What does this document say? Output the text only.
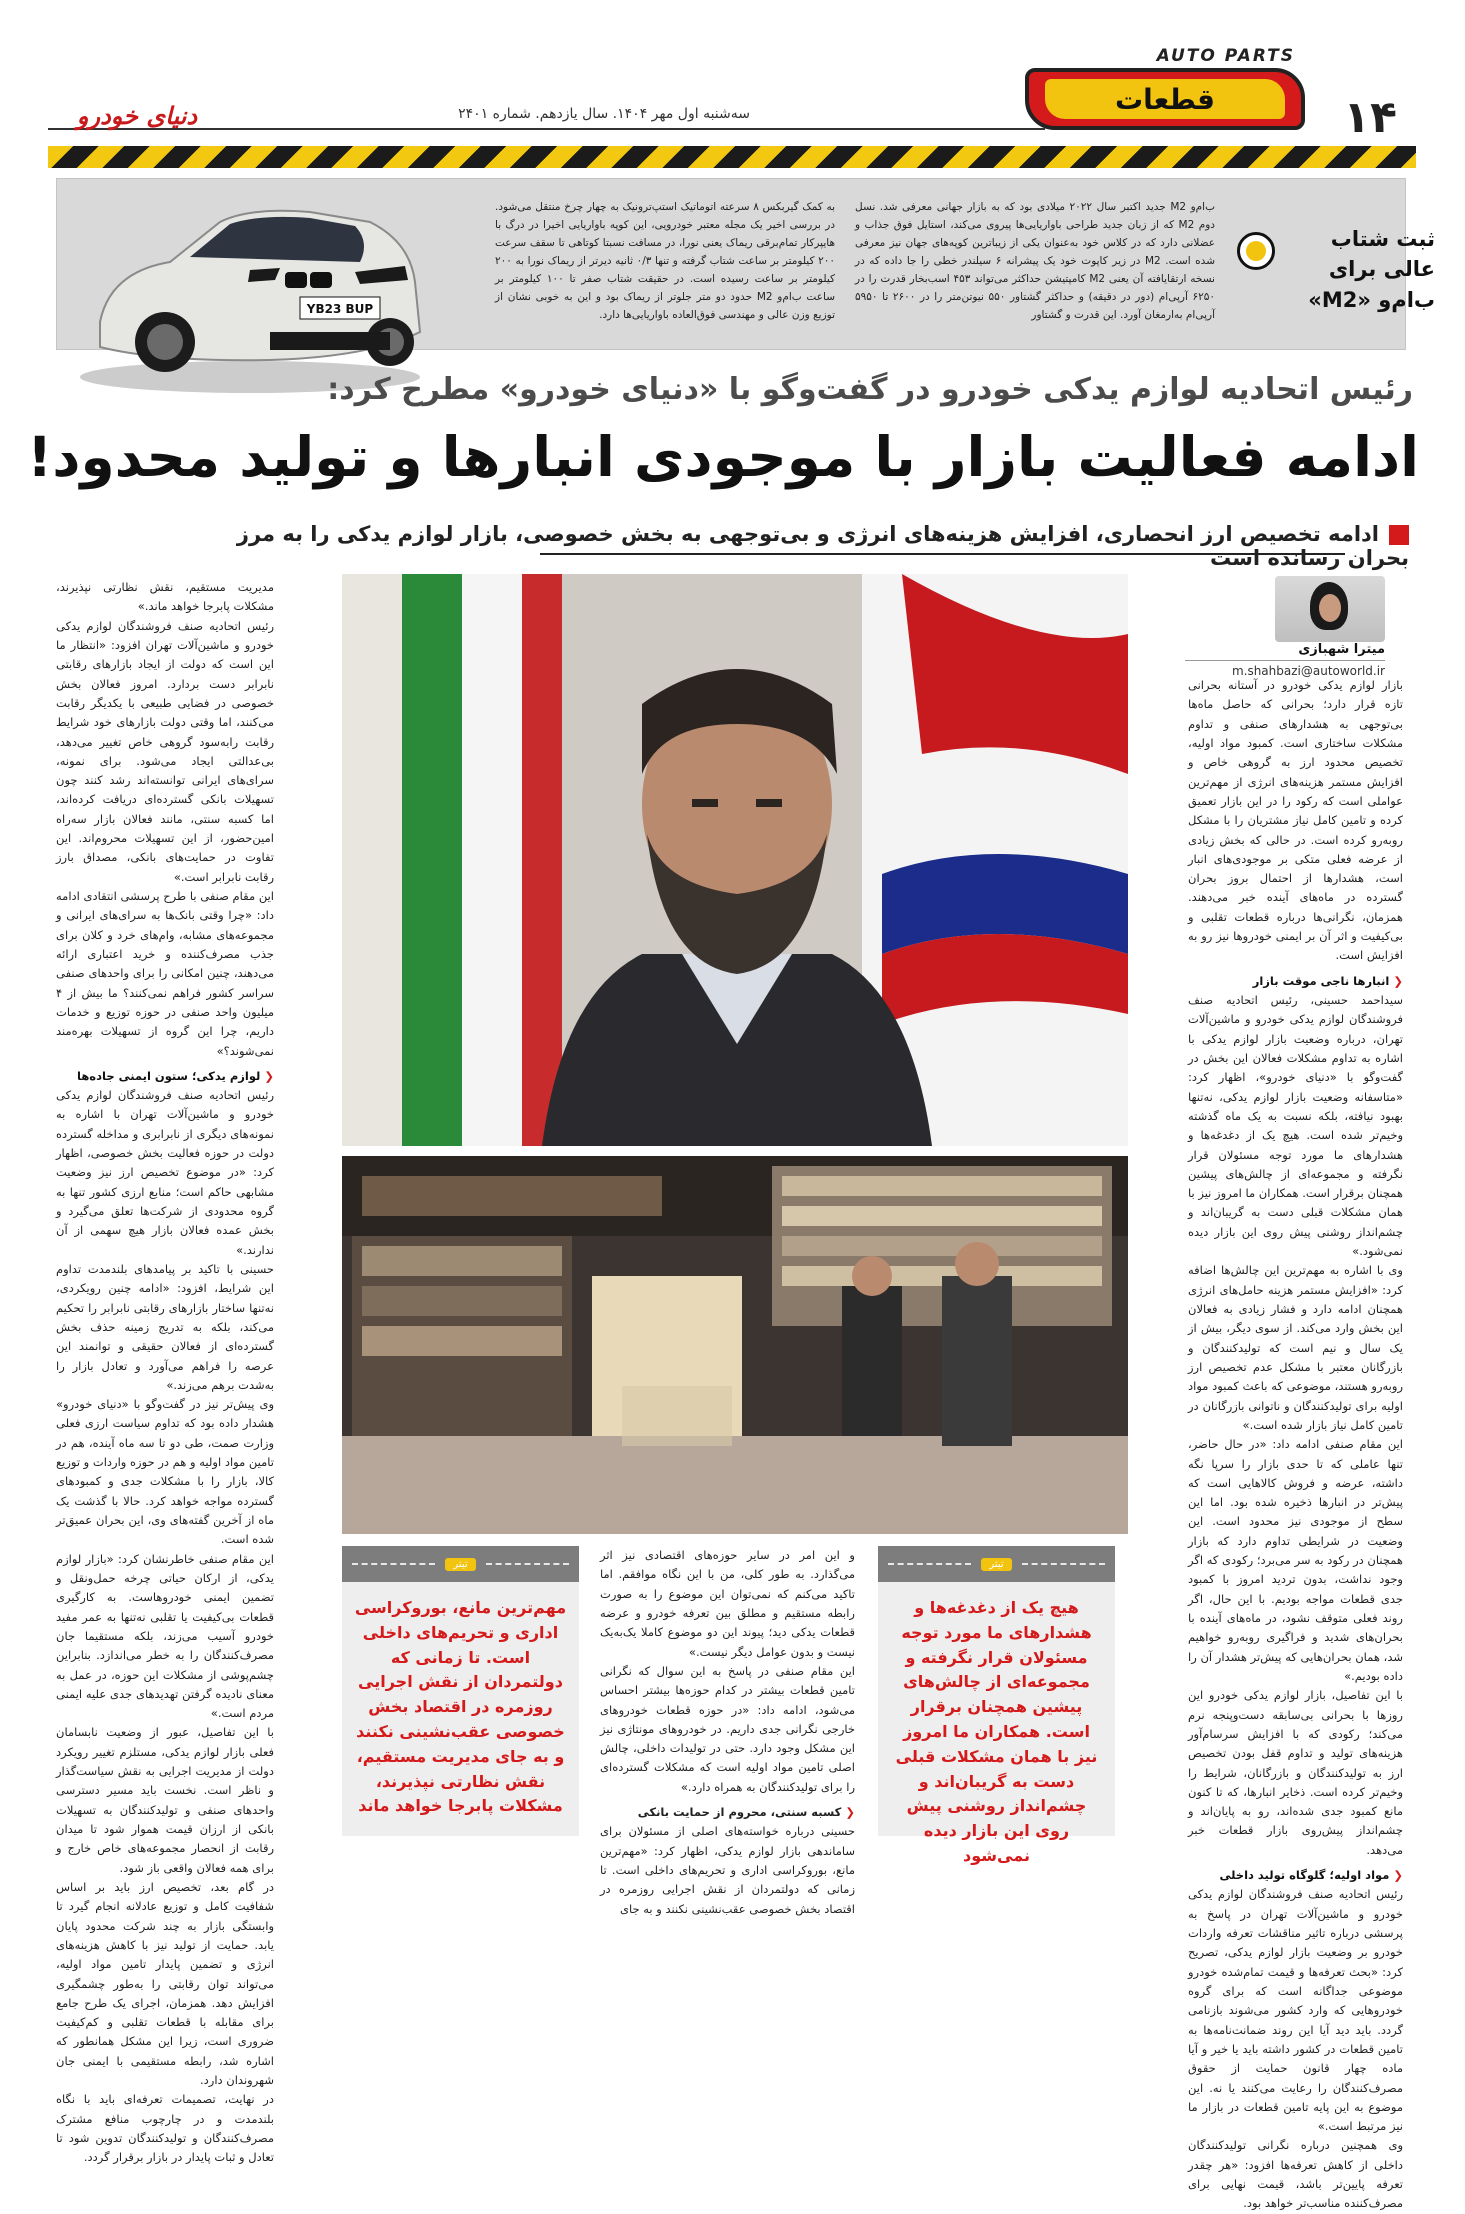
AUTO PARTS
۱۴
قطعات
سه‌شنبه اول مهر ۱۴۰۴. سال یازدهم. شماره ۲۴۰۱
دنیای خودرو
YB23 BUP
ثبت شتاب عالی برای ب‌ام‌و «M2»
ب‌ام‌و M2 جدید اکتبر سال ۲۰۲۲ میلادی بود که به بازار جهانی معرفی شد. نسل دوم M2 که از زبان جدید طراحی باواریایی‌ها پیروی می‌کند، استایل فوق جذاب و عضلانی دارد که در کلاس خود به‌عنوان یکی از زیباترین کوپه‌های جهان نیز معرفی شده است. M2 در زیر کاپوت خود یک پیشرانه ۶ سیلندر خطی را جا داده که در نسخه ارتقایافته آن یعنی M2 کامپتیشن حداکثر می‌تواند ۴۵۳ اسب‌بخار قدرت را در ۶۲۵۰ آرپی‌ام (دور در دقیقه) و حداکثر گشتاور ۵۵۰ نیوتن‌متر را در ۲۶۰۰ تا ۵۹۵۰ آرپی‌ام به‌ارمغان آورد. این قدرت و گشتاور
به کمک گیربکس ۸ سرعته اتوماتیک استپ‌ترونیک به چهار چرخ منتقل می‌شود. در بررسی اخیر یک مجله معتبر خودرویی، این کوپه باواریایی اخیرا در درگ با هایپرکار تمام‌برقی ریماک یعنی نورا، در مسافت نسبتا کوتاهی تا سقف سرعت ۲۰۰ کیلومتر بر ساعت شتاب گرفته و تنها ۰/۳ ثانیه دیرتر از ریماک نورا به ۲۰۰ کیلومتر بر ساعت رسیده است. در حقیقت شتاب صفر تا ۱۰۰ کیلومتر بر ساعت ب‌ام‌و M2 حدود دو متر جلوتر از ریماک بود و این به خوبی نشان از توزیع وزن عالی و مهندسی فوق‌العاده باواریایی‌ها دارد.
رئیس اتحادیه لوازم یدکی خودرو در گفت‌وگو با «دنیای خودرو» مطرح کرد:
ادامه فعالیت بازار با موجودی انبارها و تولید محدود!
ادامه تخصیص ارز انحصاری، افزایش هزینه‌های انرژی و بی‌توجهی به بخش خصوصی، بازار لوازم یدکی را به مرز بحران رسانده است
میترا شهبازی
m.shahbazi@autoworld.ir
تیتر
هیچ یک از دغدغه‌ها و هشدارهای ما مورد توجه مسئولان قرار نگرفته و مجموعه‌ای از چالش‌های پیشین همچنان برقرار است. همکاران ما امروز نیز با همان مشکلات قبلی دست به گریبان‌اند و چشم‌انداز روشنی پیش روی این بازار دیده نمی‌شود
تیتر
مهم‌ترین مانع، بوروکراسی اداری و تحریم‌های داخلی است. تا زمانی که دولتمردان از نقش اجرایی روزمره در اقتصاد بخش خصوصی عقب‌نشینی نکنند و به جای مدیریت مستقیم، نقش نظارتی نپذیرند، مشکلات پابرجا خواهد ماند
بازار لوازم یدکی خودرو در آستانه بحرانی تازه قرار دارد؛ بحرانی که حاصل ماه‌ها بی‌توجهی به هشدارهای صنفی و تداوم مشکلات ساختاری است. کمبود مواد اولیه، تخصیص محدود ارز به گروهی خاص و افزایش مستمر هزینه‌های انرژی از مهم‌ترین عواملی است که رکود را در این بازار تعمیق کرده و تامین کامل نیاز مشتریان را با مشکل روبه‌رو کرده است. در حالی که بخش زیادی از عرضه فعلی متکی بر موجودی‌های انبار است، هشدارها از احتمال بروز بحران گسترده در ماه‌های آینده خبر می‌دهند. همزمان، نگرانی‌ها درباره قطعات تقلبی و بی‌کیفیت و اثر آن بر ایمنی خودروها نیز رو به افزایش است.
❮ انبارها ناجی موقت بازار
سیداحمد حسینی، رئیس اتحادیه صنف فروشندگان لوازم یدکی خودرو و ماشین‌آلات تهران، درباره وضعیت بازار لوازم یدکی با اشاره به تداوم مشکلات فعالان این بخش در گفت‌وگو با «دنیای خودرو»، اظهار کرد: «متاسفانه وضعیت بازار لوازم یدکی، نه‌تنها بهبود نیافته، بلکه نسبت به یک ماه گذشته وخیم‌تر شده است. هیچ یک از دغدغه‌ها و هشدارهای ما مورد توجه مسئولان قرار نگرفته و مجموعه‌ای از چالش‌های پیشین همچنان برقرار است. همکاران ما امروز نیز با همان مشکلات قبلی دست به گریبان‌اند و چشم‌انداز روشنی پیش روی این بازار دیده نمی‌شود.»
وی با اشاره به مهم‌ترین این چالش‌ها اضافه کرد: «افزایش مستمر هزینه حامل‌های انرژی همچنان ادامه دارد و فشار زیادی به فعالان این بخش وارد می‌کند. از سوی دیگر، بیش از یک سال و نیم است که تولیدکنندگان و بازرگانان معتبر با مشکل عدم تخصیص ارز روبه‌رو هستند، موضوعی که باعث کمبود مواد اولیه برای تولیدکنندگان و ناتوانی بازرگانان در تامین کامل نیاز بازار شده است.»
این مقام صنفی ادامه داد: «در حال حاضر، تنها عاملی که تا حدی بازار را سرپا نگه داشته، عرضه و فروش کالاهایی است که پیش‌تر در انبارها ذخیره شده بود. اما این سطح از موجودی نیز محدود است. این وضعیت در شرایطی تداوم دارد که بازار همچنان در رکود به سر می‌برد؛ رکودی که اگر وجود نداشت، بدون تردید امروز با کمبود جدی قطعات مواجه بودیم. با این حال، اگر روند فعلی متوقف نشود، در ماه‌های آینده با بحران‌های شدید و فراگیری روبه‌رو خواهیم شد، همان بحران‌هایی که پیش‌تر هشدار آن را داده بودیم.»
با این تفاصیل، بازار لوازم یدکی خودرو این روزها با بحرانی بی‌سابقه دست‌وپنجه نرم می‌کند؛ رکودی که با افزایش سرسام‌آور هزینه‌های تولید و تداوم قفل بودن تخصیص ارز به تولیدکنندگان و بازرگانان، شرایط را وخیم‌تر کرده است. ذخایر انبارها، که تا کنون مانع کمبود جدی شده‌اند، رو به پایان‌اند و چشم‌انداز پیش‌روی بازار قطعات خبر می‌دهد.
❮ مواد اولیه؛ گلوگاه تولید داخلی
رئیس اتحادیه صنف فروشندگان لوازم یدکی خودرو و ماشین‌آلات تهران در پاسخ به پرسشی درباره تاثیر مناقشات تعرفه واردات خودرو بر وضعیت بازار لوازم یدکی، تصریح کرد: «بحث تعرفه‌ها و قیمت تمام‌شده خودرو موضوعی جداگانه است که برای گروه خودروهایی که وارد کشور می‌شوند بازنامی گردد. باید دید آیا این روند ضمانت‌نامه‌ها به تامین قطعات در کشور داشته باید یا خیر و آیا ماده چهار قانون حمایت از حقوق مصرف‌کنندگان را رعایت می‌کنند یا نه. این موضوع به این پایه تامین قطعات در بازار ما نیز مرتبط است.»
وی همچنین درباره نگرانی تولیدکنندگان داخلی از کاهش تعرفه‌ها افزود: «هر چقدر تعرفه پایین‌تر باشد، قیمت نهایی برای مصرف‌کننده مناسب‌تر خواهد بود.
مدیریت مستقیم، نقش نظارتی نپذیرند، مشکلات پابرجا خواهد ماند.»
رئیس اتحادیه صنف فروشندگان لوازم یدکی خودرو و ماشین‌آلات تهران افزود: «انتظار ما این است که دولت از ایجاد بازارهای رقابتی نابرابر دست بردارد. امروز فعالان بخش خصوصی در فضایی طبیعی با یکدیگر رقابت می‌کنند، اما وقتی دولت بازارهای خود شرایط رقابت رابه‌سود گروهی خاص تغییر می‌دهد، بی‌عدالتی ایجاد می‌شود. برای نمونه، سرای‌های ایرانی توانسته‌اند رشد کنند چون تسهیلات بانکی گسترده‌ای دریافت کرده‌اند، اما کسبه سنتی، مانند فعالان بازار سه‌راه امین‌حضور، از این تسهیلات محروم‌اند. این تفاوت در حمایت‌های بانکی، مصداق بارز رقابت نابرابر است.»
این مقام صنفی با طرح پرسشی انتقادی ادامه داد: «چرا وقتی بانک‌ها به سرای‌های ایرانی و مجموعه‌های مشابه، وام‌های خرد و کلان برای جذب مصرف‌کننده و خرید اعتباری ارائه می‌دهند، چنین امکانی را برای واحدهای صنفی سراسر کشور فراهم نمی‌کنند؟ ما بیش از ۴ میلیون واحد صنفی در حوزه توزیع و خدمات داریم، چرا این گروه از تسهیلات بهره‌مند نمی‌شوند؟»
❮ لوازم یدکی؛ ستون ایمنی جاده‌ها
رئیس اتحادیه صنف فروشندگان لوازم یدکی خودرو و ماشین‌آلات تهران با اشاره به نمونه‌های دیگری از نابرابری و مداخله گسترده دولت در حوزه فعالیت بخش خصوصی، اظهار کرد: «در موضوع تخصیص ارز نیز وضعیت مشابهی حاکم است؛ منابع ارزی کشور تنها به گروه محدودی از شرکت‌ها تعلق می‌گیرد و بخش عمده فعالان بازار هیچ سهمی از آن ندارند.»
حسینی با تاکید بر پیامدهای بلندمدت تداوم این شرایط، افزود: «ادامه چنین رویکردی، نه‌تنها ساختار بازارهای رقابتی نابرابر را تحکیم می‌کند، بلکه به تدریج زمینه حذف بخش گسترده‌ای از فعالان حقیقی و توانمند این عرصه را فراهم می‌آورد و تعادل بازار را به‌شدت برهم می‌زند.»
وی پیش‌تر نیز در گفت‌وگو با «دنیای خودرو» هشدار داده بود که تداوم سیاست ارزی فعلی وزارت صمت، طی دو تا سه ماه آینده، هم در تامین مواد اولیه و هم در حوزه واردات و توزیع کالا، بازار را با مشکلات جدی و کمبودهای گسترده مواجه خواهد کرد. حالا با گذشت یک ماه از آخرین گفته‌های وی، این بحران عمیق‌تر شده است.
این مقام صنفی خاطرنشان کرد: «بازار لوازم یدکی، از ارکان حیاتی چرخه حمل‌ونقل و تضمین ایمنی خودروهاست. به کارگیری قطعات بی‌کیفیت یا تقلبی نه‌تنها به عمر مفید خودرو آسیب می‌زند، بلکه مستقیما جان مصرف‌کنندگان را به خطر می‌اندازد. بنابراین چشم‌پوشی از مشکلات این حوزه، در عمل به معنای نادیده گرفتن تهدیدهای جدی علیه ایمنی مردم است.»
با این تفاصیل، عبور از وضعیت نابسامان فعلی بازار لوازم یدکی، مستلزم تغییر رویکرد دولت از مدیریت اجرایی به نقش سیاست‌گذار و ناظر است. نخست باید مسیر دسترسی واحدهای صنفی و تولیدکنندگان به تسهیلات بانکی از ارزان قیمت هموار شود تا میدان رقابت از انحصار مجموعه‌های خاص خارج و برای همه فعالان واقعی باز شود.
در گام بعد، تخصیص ارز باید بر اساس شفافیت کامل و توزیع عادلانه انجام گیرد تا وابستگی بازار به چند شرکت محدود پایان یابد. حمایت از تولید نیز با کاهش هزینه‌های انرژی و تضمین پایدار تامین مواد اولیه، می‌تواند توان رقابتی را به‌طور چشمگیری افزایش دهد. همزمان، اجرای یک طرح جامع برای مقابله با قطعات تقلبی و کم‌کیفیت ضروری است، زیرا این مشکل همانطور که اشاره شد، رابطه مستقیمی با ایمنی جان شهروندان دارد.
در نهایت، تصمیمات تعرفه‌ای باید با نگاه بلندمدت و در چارچوب منافع مشترک مصرف‌کنندگان و تولیدکنندگان تدوین شود تا تعادل و ثبات پایدار در بازار برقرار گردد.
و این امر در سایر حوزه‌های اقتصادی نیز اثر می‌گذارد. به طور کلی، من با این نگاه موافقم. اما تاکید می‌کنم که نمی‌توان این موضوع را به صورت رابطه مستقیم و مطلق بین تعرفه خودرو و عرضه قطعات یدکی دید؛ پیوند این دو موضوع کاملا یک‌به‌یک نیست و بدون عوامل دیگر نیست.»
این مقام صنفی در پاسخ به این سوال که نگرانی تامین قطعات بیشتر در کدام حوزه‌ها بیشتر احساس می‌شود، ادامه داد: «در حوزه قطعات خودروهای خارجی نگرانی جدی داریم. در خودروهای مونتاژی نیز این مشکل وجود دارد. حتی در تولیدات داخلی، چالش اصلی تامین مواد اولیه است که مشکلات گسترده‌ای را برای تولیدکنندگان به همراه دارد.»
❮ کسبه سنتی، محروم از حمایت بانکی
حسینی درباره خواسته‌های اصلی از مسئولان برای ساماندهی بازار لوازم یدکی، اظهار کرد: «مهم‌ترین مانع، بوروکراسی اداری و تحریم‌های داخلی است. تا زمانی که دولتمردان از نقش اجرایی روزمره در اقتصاد بخش خصوصی عقب‌نشینی نکنند و به جای
